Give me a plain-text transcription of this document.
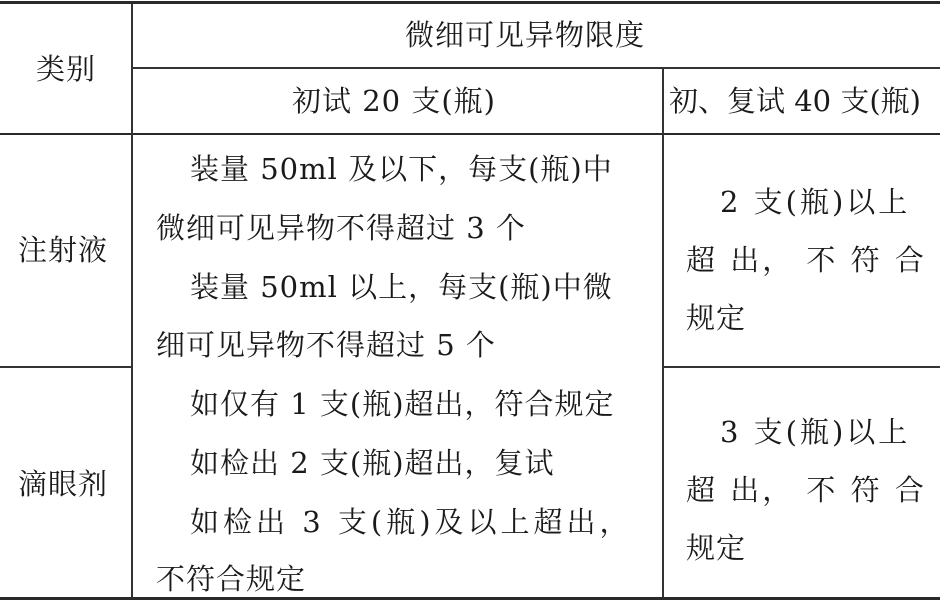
类别
微细可见异物限度
初试 20 支(瓶)	初、复试 40 支(瓶)
注射液
装量 50ml 及以下，每支(瓶)中
微细可见异物不得超过 3 个
装量 50ml 以上，每支(瓶)中微
细可见异物不得超过 5 个
2 支(瓶)以上
超 出， 不 符 合
规定
滴眼剂
如仅有 1 支(瓶)超出，符合规定
如检出 2 支(瓶)超出，复试
如检出 3 支(瓶)及以上超出，
不符合规定
3 支(瓶)以上
超 出， 不 符 合
规定
